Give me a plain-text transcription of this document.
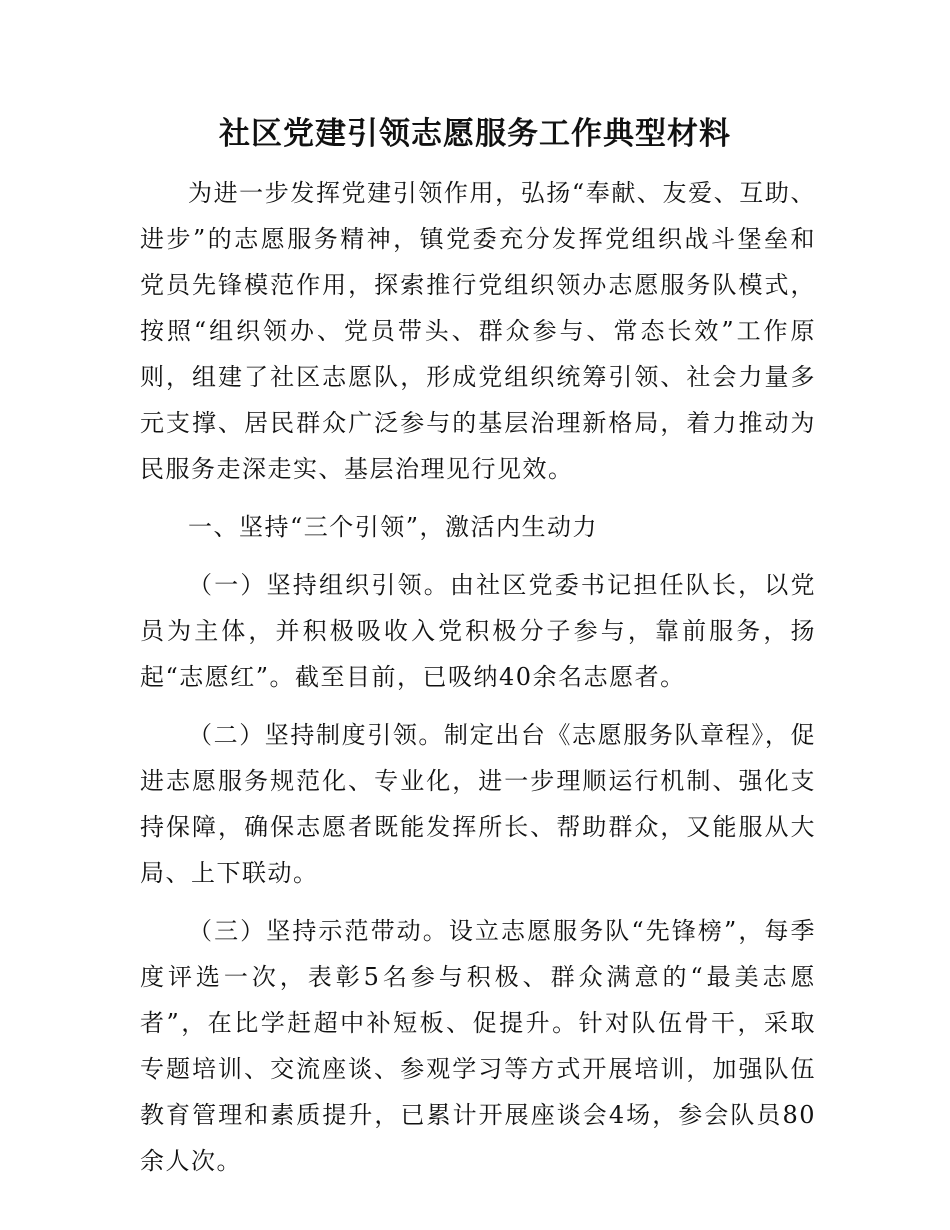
社区党建引领志愿服务工作典型材料

为进一步发挥党建引领作用，弘扬“奉献、友爱、互助、进步”的志愿服务精神，镇党委充分发挥党组织战斗堡垒和党员先锋模范作用，探索推行党组织领办志愿服务队模式，按照“组织领办、党员带头、群众参与、常态长效”工作原则，组建了社区志愿队，形成党组织统筹引领、社会力量多元支撑、居民群众广泛参与的基层治理新格局，着力推动为民服务走深走实、基层治理见行见效。

一、坚持“三个引领”，激活内生动力

（一）坚持组织引领。由社区党委书记担任队长，以党员为主体，并积极吸收入党积极分子参与，靠前服务，扬起“志愿红”。截至目前，已吸纳40余名志愿者。

（二）坚持制度引领。制定出台《志愿服务队章程》，促进志愿服务规范化、专业化，进一步理顺运行机制、强化支持保障，确保志愿者既能发挥所长、帮助群众，又能服从大局、上下联动。

（三）坚持示范带动。设立志愿服务队“先锋榜”，每季度评选一次，表彰5名参与积极、群众满意的“最美志愿者”，在比学赶超中补短板、促提升。针对队伍骨干，采取专题培训、交流座谈、参观学习等方式开展培训，加强队伍教育管理和素质提升，已累计开展座谈会4场，参会队员80余人次。
